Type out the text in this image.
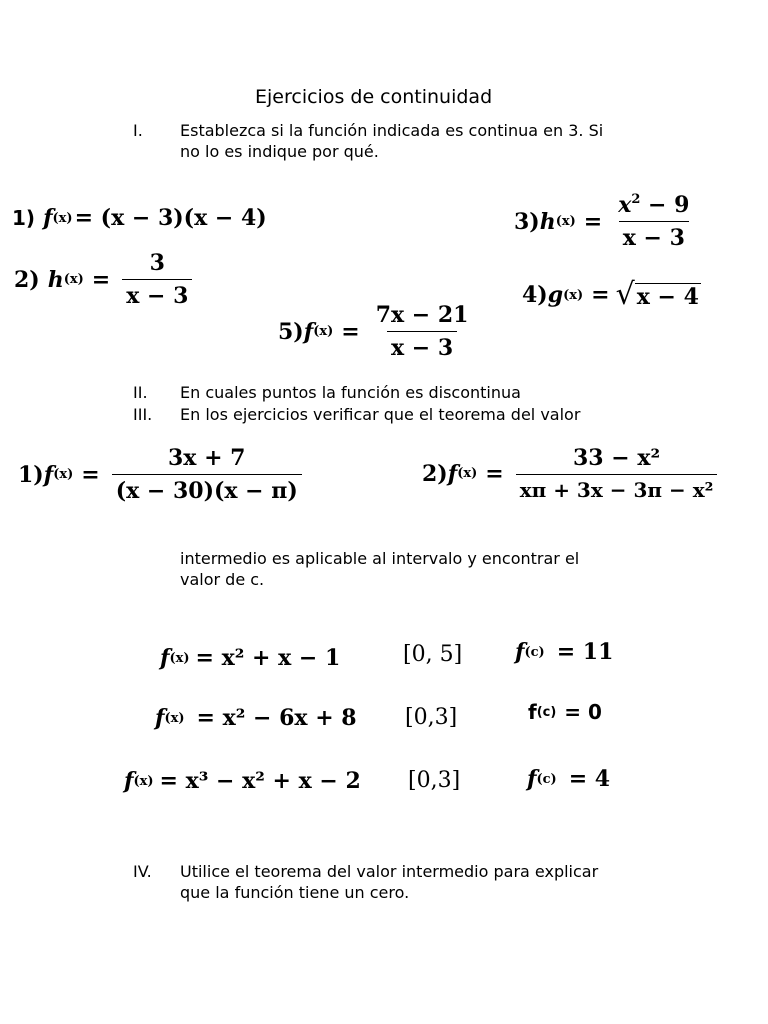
Ejercicios de continuidad
I. Establezca si la función indicada es continua en 3. Si
no lo es indique por qué.
1) f (x) = (x − 3)(x − 4)	3) h $(x) = \frac{x^2 - 9}{x - 3}$
2) h $(x) = \frac{3}{x - 3}$	4) g (x) = √ x − 4
5) f $(x) = \frac{7x - 21}{x - 3}$
II. En cuales puntos la función es discontinua
III. En los ejercicios verificar que el teorema del valor
1) f $(x) = \frac{3x + 7}{(x - 30)(x - \pi)}$	2) f $(x) = \frac{\text{33 − x²}}{\text{xπ + 3x − 3π − x²}}$
intermedio es aplicable al intervalo y encontrar el
valor de c.
f (x) = x² + x − 1	[0, 5] f (c) = 11
f (x) = x² − 6x + 8 [0,3]	f (c) = 0
f (x) = x³ − x² + x − 2 [0,3]	f (c) = 4
IV. Utilice el teorema del valor intermedio para explicar
que la función tiene un cero.
